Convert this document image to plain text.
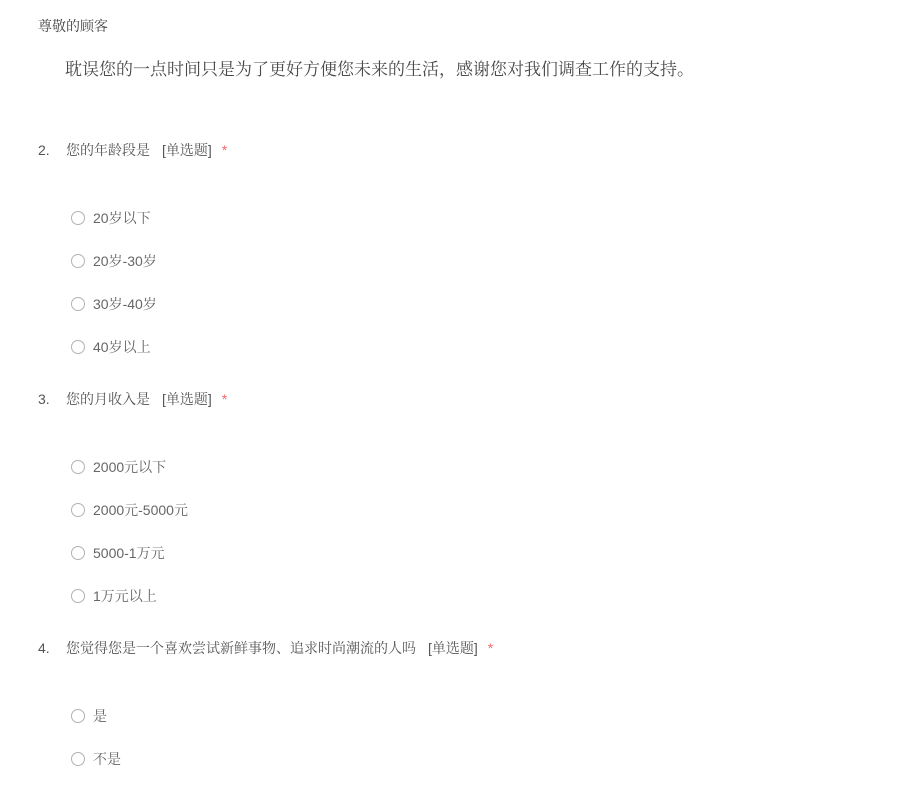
尊敬的顾客
耽误您的一点时间只是为了更好方便您未来的生活，感谢您对我们调查工作的支持。
2. 您的年龄段是 [单选题] *
20岁以下
20岁-30岁
30岁-40岁
40岁以上
3. 您的月收入是 [单选题] *
2000元以下
2000元-5000元
5000-1万元
1万元以上
4. 您觉得您是一个喜欢尝试新鲜事物、追求时尚潮流的人吗 [单选题] *
是
不是
